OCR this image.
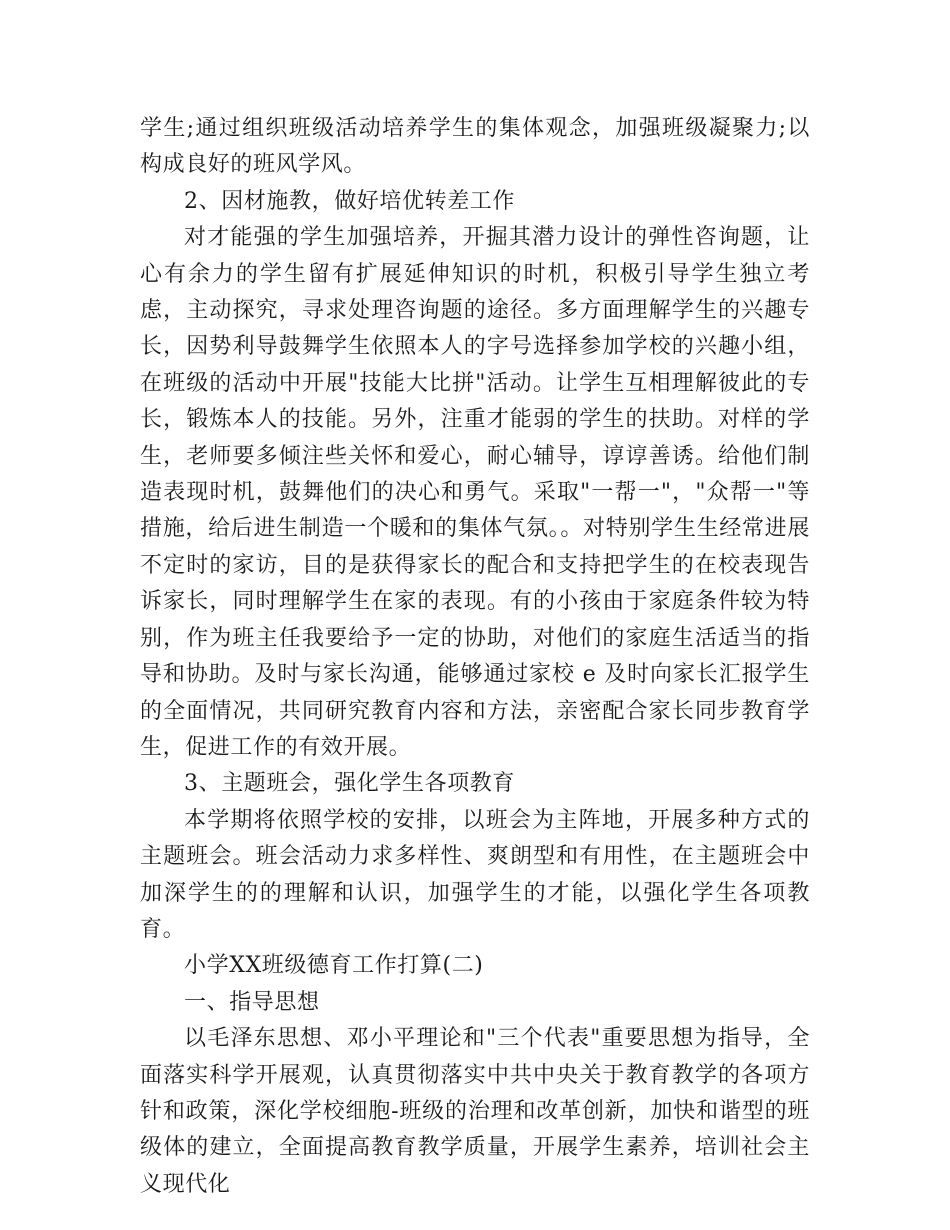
学生;通过组织班级活动培养学生的集体观念，加强班级凝聚力;以构成良好的班风学风。

2、因材施教，做好培优转差工作

对才能强的学生加强培养，开掘其潜力设计的弹性咨询题，让心有余力的学生留有扩展延伸知识的时机，积极引导学生独立考虑，主动探究，寻求处理咨询题的途径。多方面理解学生的兴趣专长，因势利导鼓舞学生依照本人的字号选择参加学校的兴趣小组，在班级的活动中开展"技能大比拼"活动。让学生互相理解彼此的专长，锻炼本人的技能。另外，注重才能弱的学生的扶助。对样的学生，老师要多倾注些关怀和爱心，耐心辅导，谆谆善诱。给他们制造表现时机，鼓舞他们的决心和勇气。采取"一帮一"，"众帮一"等措施，给后进生制造一个暖和的集体气氛。。对特别学生生经常进展不定时的家访，目的是获得家长的配合和支持把学生的在校表现告诉家长，同时理解学生在家的表现。有的小孩由于家庭条件较为特别，作为班主任我要给予一定的协助，对他们的家庭生活适当的指导和协助。及时与家长沟通，能够通过家校 e 及时向家长汇报学生的全面情况，共同研究教育内容和方法，亲密配合家长同步教育学生，促进工作的有效开展。

3、主题班会，强化学生各项教育

本学期将依照学校的安排，以班会为主阵地，开展多种方式的主题班会。班会活动力求多样性、爽朗型和有用性，在主题班会中加深学生的的理解和认识，加强学生的才能，以强化学生各项教育。

小学XX班级德育工作打算(二)

一、指导思想

以毛泽东思想、邓小平理论和"三个代表"重要思想为指导，全面落实科学开展观，认真贯彻落实中共中央关于教育教学的各项方针和政策，深化学校细胞-班级的治理和改革创新，加快和谐型的班级体的建立，全面提高教育教学质量，开展学生素养，培训社会主义现代化
